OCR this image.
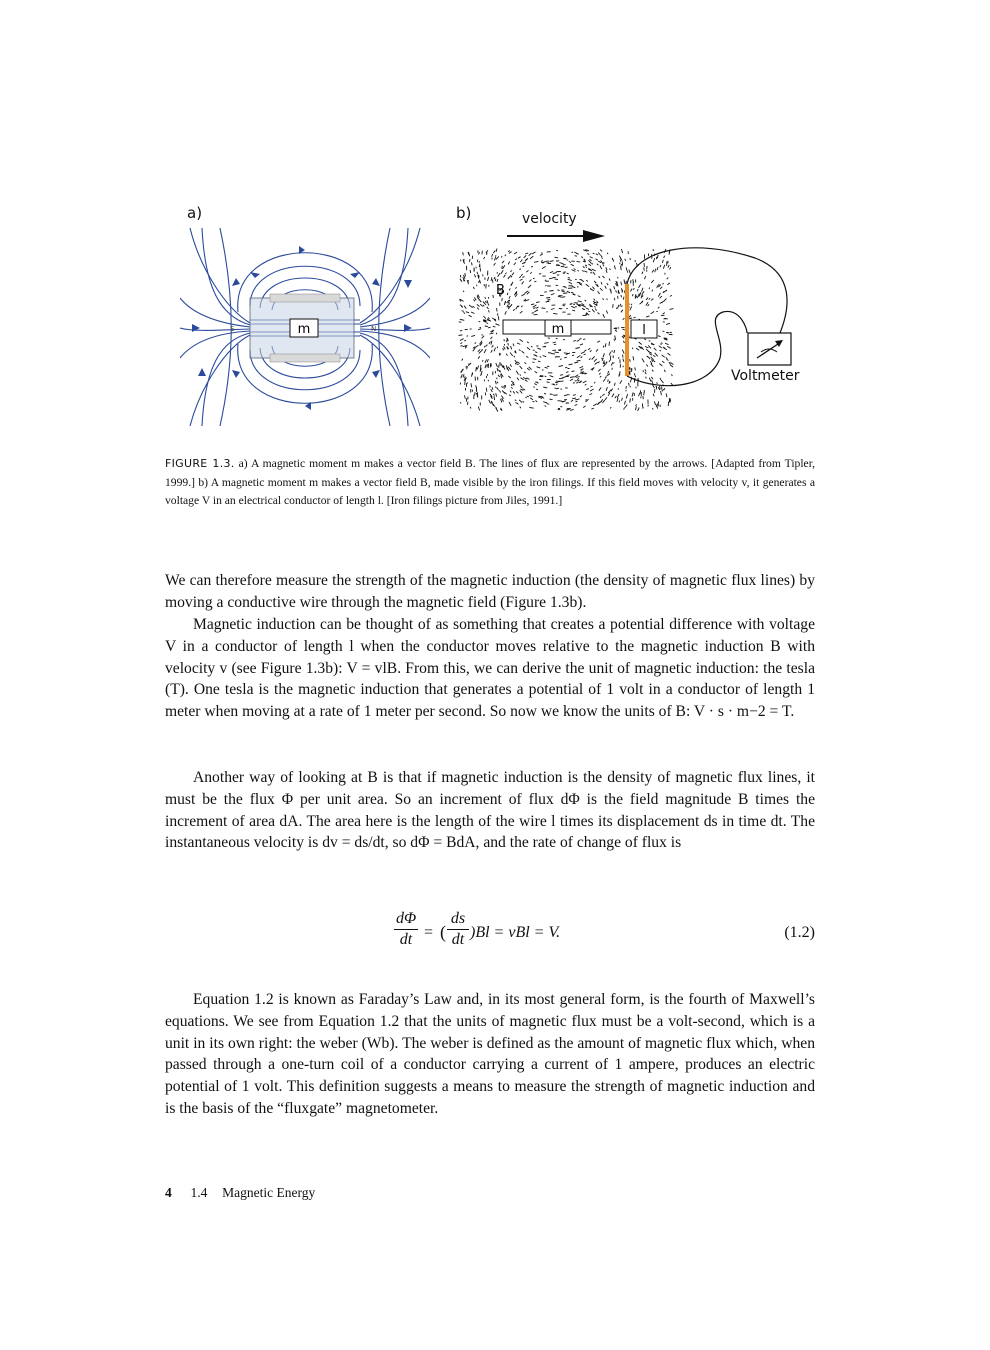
a)
S	N
m
b)	velocity
m
B
l
Voltmeter
FIGURE 1.3. a) A magnetic moment m makes a vector field B. The lines of flux are represented by the arrows. [Adapted from Tipler, 1999.] b) A magnetic moment m makes a vector field B, made visible by the iron filings. If this field moves with velocity v, it generates a voltage V in an electrical conductor of length l. [Iron filings picture from Jiles, 1991.]

We can therefore measure the strength of the magnetic induction (the density of magnetic flux lines) by moving a conductive wire through the magnetic field (Figure 1.3b).

Magnetic induction can be thought of as something that creates a potential difference with voltage V in a conductor of length l when the conductor moves relative to the magnetic induction B with velocity v (see Figure 1.3b): V = vlB. From this, we can derive the unit of magnetic induction: the tesla (T). One tesla is the magnetic induction that generates a potential of 1 volt in a conductor of length 1 meter when moving at a rate of 1 meter per second. So now we know the units of B: V · s · m−2 = T.

Another way of looking at B is that if magnetic induction is the density of magnetic flux lines, it must be the flux Φ per unit area. So an increment of flux dΦ is the field magnitude B times the increment of area dA. The area here is the length of the wire l times its displacement ds in time dt. The instantaneous velocity is dv = ds/dt, so dΦ = BdA, and the rate of change of flux is

$\frac{d\Phi}{dt}$ = ( $\frac{ds}{dt} )Bl$ = vBl = V.	(1.2)

Equation 1.2 is known as Faraday’s Law and, in its most general form, is the fourth of Maxwell’s equations. We see from Equation 1.2 that the units of magnetic flux must be a volt-second, which is a unit in its own right: the weber (Wb). The weber is defined as the amount of magnetic flux which, when passed through a one-turn coil of a conductor carrying a current of 1 ampere, produces an electric potential of 1 volt. This definition suggests a means to measure the strength of magnetic induction and is the basis of the “fluxgate” magnetometer.

4 1.4 Magnetic Energy
